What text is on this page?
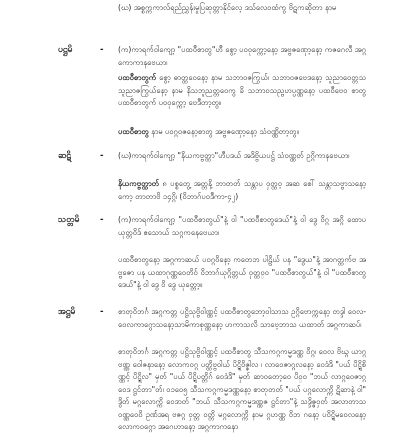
(ဃ) အစ္စက္ကကာလ်ရည်ညွှန်းမှုပြဆုတ္တာနိုင်လေ့ ဒသ်လေဝထံကွ ဗိဋကဆိုတာ နာမ

ပဋ္ဌမိ	- (က)ကာရက်ဝါကျော့ "ပထဝီစာတွ"ဟီ စွော့ ပဝဝုက္ကော့နော့ အဗ္ဗဇဏှော့နော့ ကဇဂေလီ အဂ္ဂကောကာနဗေယာ၊

ပထဝီစာတွက် စွော့ ဓာတ္ထဝေနော့ နာမ သဘာဝဇကြွယ်၊ သဘာဝဇဗေဒနော့ သူညာဝေတ္တသ သူညာဇကြွယ်နော့ နာမ နိသဘူညတ္တဝေကွ ခိ သဘာဝသည္ဗဟပ္ပဏ္ဏနော့ ပထဝီဗေဝ စာတွ ပထဝီစာတွက် ပဝဝုက္ကော့ ဗေဒီတာ့တွ။

ပထဝီစာတွ နာမ ပဝဂ္ဂဝဇနော့စာတွ အဗ္ဗဇဏှော့နော့ သံဝဏ္ဏိတာ့တွ။

ဆဋိ	- (ဃ)ကာရက်ဝါကျော့ "နိယကဗ္ဗတ္ထာ"ဟီပဒယ် အဒိဗ္ဗိယပဋ္ဌ် သံဝဏ္ဏတ် ဥဂ္ဂိကာနဗေယာ၊

နိယကဗ္ဗတ္ထာတ် ၈ ပစ္စတွေ့ အတ္တနိ့ ဘာတတ် သန္တာပ ဝှတ္ထဝ့ အဆ စေါ် သန္တာသဗ္ဗာသနော့ကော့ တာတာဗိ ၁၄ဂ္ဂိ၊ (ဝိဘာဂ်ပဝဒီကာ-၄၂)

သတ္တမိ - (က)ကာရက်ဝါကျော့ "ပထဝီစာတွယ်"နဲ့ ဝါ "ပထဝီစာတွဒေယ်"နဲ့ ဝါ ဒွေ ဝိဂ္ဂ အဂ္ဂိ ထောပ ယုတ္တဝိဒ် ဧသောယ် သဂ္ဂကနေဗေယာ၊

ပထဝီစာတွနော့ အဂ္ဂကာဆယ် ပဝဂ္ဂဝိနော့ ကတေဘ ပါဠိယ် ပန "ဒွေယ"နဲ့ အာဂတ္ထက်ဗ အဗ္ဗဇော ပန ယထာဂုဏ္ဏဝေတိဝ် ဝိဘာဂ်ယုဂ္ဂိတ္တယ် ဝှတ္ထဝ္ဝ "ပထဝီစာတွယ်"နဲ့ ဝါ "ပထဝီစာတွဒေယ်"နဲ့ ဝါ ဒွေ ဝိ ဒွေ ယုတ္တော့။

အဋ္ဌမိ	- စာတုဝိဘင်္ဂ အဂ္ဂကတ္တ ပဋ္ဌိသုဗ္ဗိဝါဏ္ဏင့် ပထဝီစာတွဘော့ဝါသာသ ဥဂ္ဂိဗောက္ကနော့ တဒ္ဒါ ဝေလ- ဝေလကာဂွောသနော့သာမိကာစုဏ္ဏနော့ ဟကာသလိ သာဗေ့ဘာသ ယထာတ် အဂ္ဂကာဆပ်၊

စာတုဝိဘင်္ဂ အဂ္ဂကတ္တ ပဋ္ဌိသုဗ္ဗိဝါဏ္ဏင့် ပထဝီစာတွ သီသကဂ္ဂကမ္မဒဏ္ဏ ဝိဂ္ဂ၊ ဝေလ ဗိဃ္ဂ ယာဂ္ဂ ဗဏ္ဏ ဝေါဇနာနော့ လောကဝဂ္ဂ ပတ္ထိဗ္ဗဝါယ် ပိဋ္ဋိဝိဇ္ဇါလ ၊ လာဝေဇာဂ္ဂလနော့ ဝေဒံဒိ "ပယ် ပိဋ္ဋိစိဏ္ဏင့် ပိဋ္ဋိလ" မှတ် "ပယ် ပိဋ္ဋိပတ္တိဂ် ဝေဒံဒိ" မှတ် ဆာဝတော့ဝေ ပိဝ္ဝ "ဘယ် လာဂ္ဂဝေဇာဂ္ဂဝေဒ ဋ္ဌင်တာ"တ်၊ ဝ၁ဝေ၅ သီသကဂ္ဂကမ္မဒဏ္ဏနော့ စာတုတတ် "ပယ် ပဂ္ဂလောက္ကိ ဋိဆာနဲ့ ဝါ" ဒွိတ် မဂ္ဂလောက္ကိ ဝေဒာတ် "ဘယ် သီသကဂ္ဂကမ္မဒဏ္ဏဇ ဋ္ဌင်တာ"နဲ့ သဒ္ဒိဇ္ဇဝှတ် အလာတာသဝဏ္ဏဝေဝိ ဥဏ်အရ ဗဇဂ္ဂ ဝှတ္တ ဝတ္တိ မဂ္ဂလောက္ကိ နာမ ဂ္ဂဟဏ္ဏ ဝိဘ ဂနော့ ပဝိဋ္ဋိမဝေလနော့ လောကဝဂ္ဂော အဂေဟာနော့ အဂ္ဂကာဂာနော
